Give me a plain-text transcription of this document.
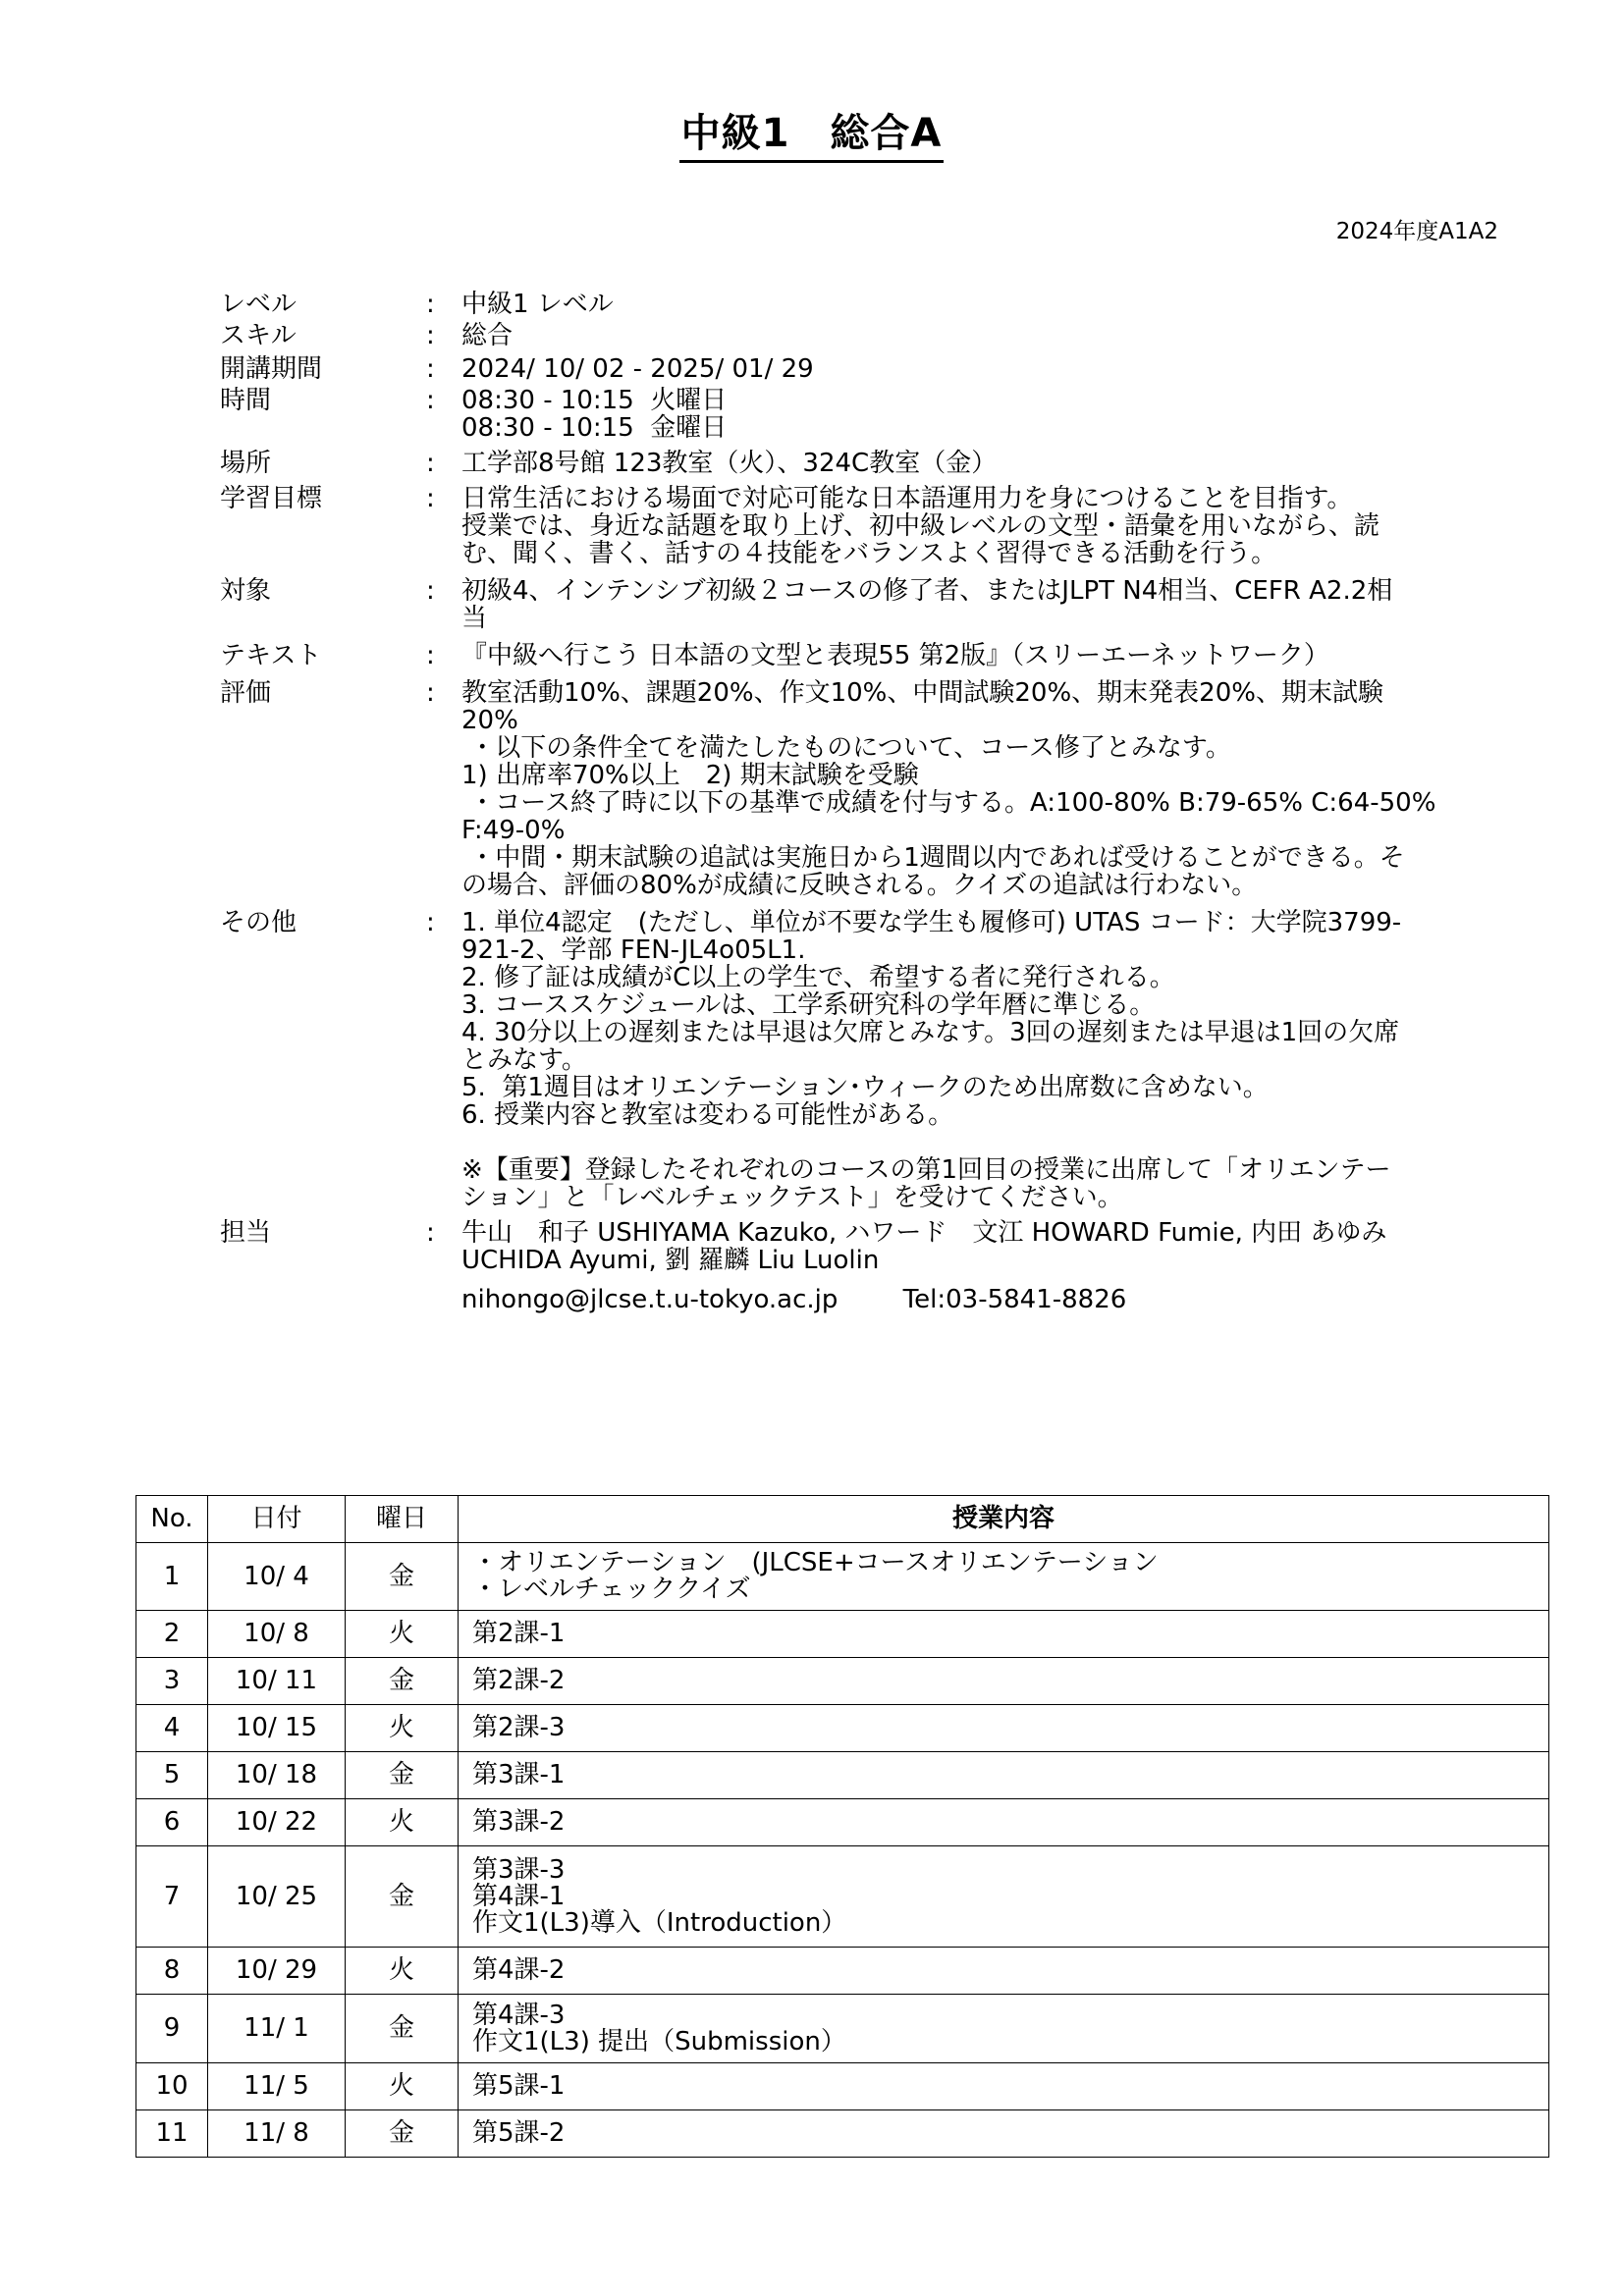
中級1　総合A
2024年度A1A2
レベル	:	中級1 レベル
スキル	:	総合
開講期間	:	2024/ 10/ 02 - 2025/ 01/ 29
時間	:	08:30 - 10:15  火曜日
08:30 - 10:15  金曜日
場所	:	工学部8号館 123教室（火）、324C教室（金）
学習目標	:	日常生活における場面で対応可能な日本語運用力を身につけることを目指す。
授業では、身近な話題を取り上げ、初中級レベルの文型・語彙を用いながら、読
む、聞く、書く、話すの４技能をバランスよく習得できる活動を行う。
対象	:	初級4、インテンシブ初級２コースの修了者、またはJLPT N4相当、CEFR A2.2相
当
テキスト	:	『中級へ行こう 日本語の文型と表現55 第2版』（スリーエーネットワーク）
評価	:	教室活動10%、課題20%、作文10%、中間試験20%、期末発表20%、期末試験
20%
・以下の条件全てを満たしたものについて、コース修了とみなす。
1) 出席率70%以上　2) 期末試験を受験
・コース終了時に以下の基準で成績を付与する。A:100-80% B:79-65% C:64-50%
F:49-0%
・中間・期末試験の追試は実施日から1週間以内であれば受けることができる。そ
の場合、評価の80%が成績に反映される。クイズの追試は行わない。
その他	:	1. 単位4認定　(ただし、単位が不要な学生も履修可) UTAS コード：大学院3799-
921-2、学部 FEN-JL4o05L1.
2. 修了証は成績がC以上の学生で、希望する者に発行される。
3. コーススケジュールは、工学系研究科の学年暦に準じる。
4. 30分以上の遅刻または早退は欠席とみなす。3回の遅刻または早退は1回の欠席
とみなす。
5.  第1週目はオリエンテーション･ウィークのため出席数に含めない。
6. 授業内容と教室は変わる可能性がある。

※【重要】登録したそれぞれのコースの第1回目の授業に出席して「オリエンテー
ション」と「レベルチェックテスト」を受けてください。
担当	:	牛山　和子 USHIYAMA Kazuko, ハワード　文江 HOWARD Fumie, 内田 あゆみ
UCHIDA Ayumi, 劉 羅麟 Liu Luolin
nihongo@jlcse.t.u-tokyo.ac.jp	Tel:03-5841-8826
No.	日付	曜日	授業内容
1	10/ 4	金	・オリエンテーション　(JLCSE+コースオリエンテーション
・レベルチェッククイズ

2	10/ 8	火	第2課-1

3	10/ 11	金	第2課-2

4	10/ 15	火	第2課-3

5	10/ 18	金	第3課-1

6	10/ 22	火	第3課-2

7	10/ 25	金	第3課-3
第4課-1
作文1(L3)導入（Introduction）

8	10/ 29	火	第4課-2

9	11/ 1	金	第4課-3
作文1(L3) 提出（Submission）

10	11/ 5	火	第5課-1

11	11/ 8	金	第5課-2
